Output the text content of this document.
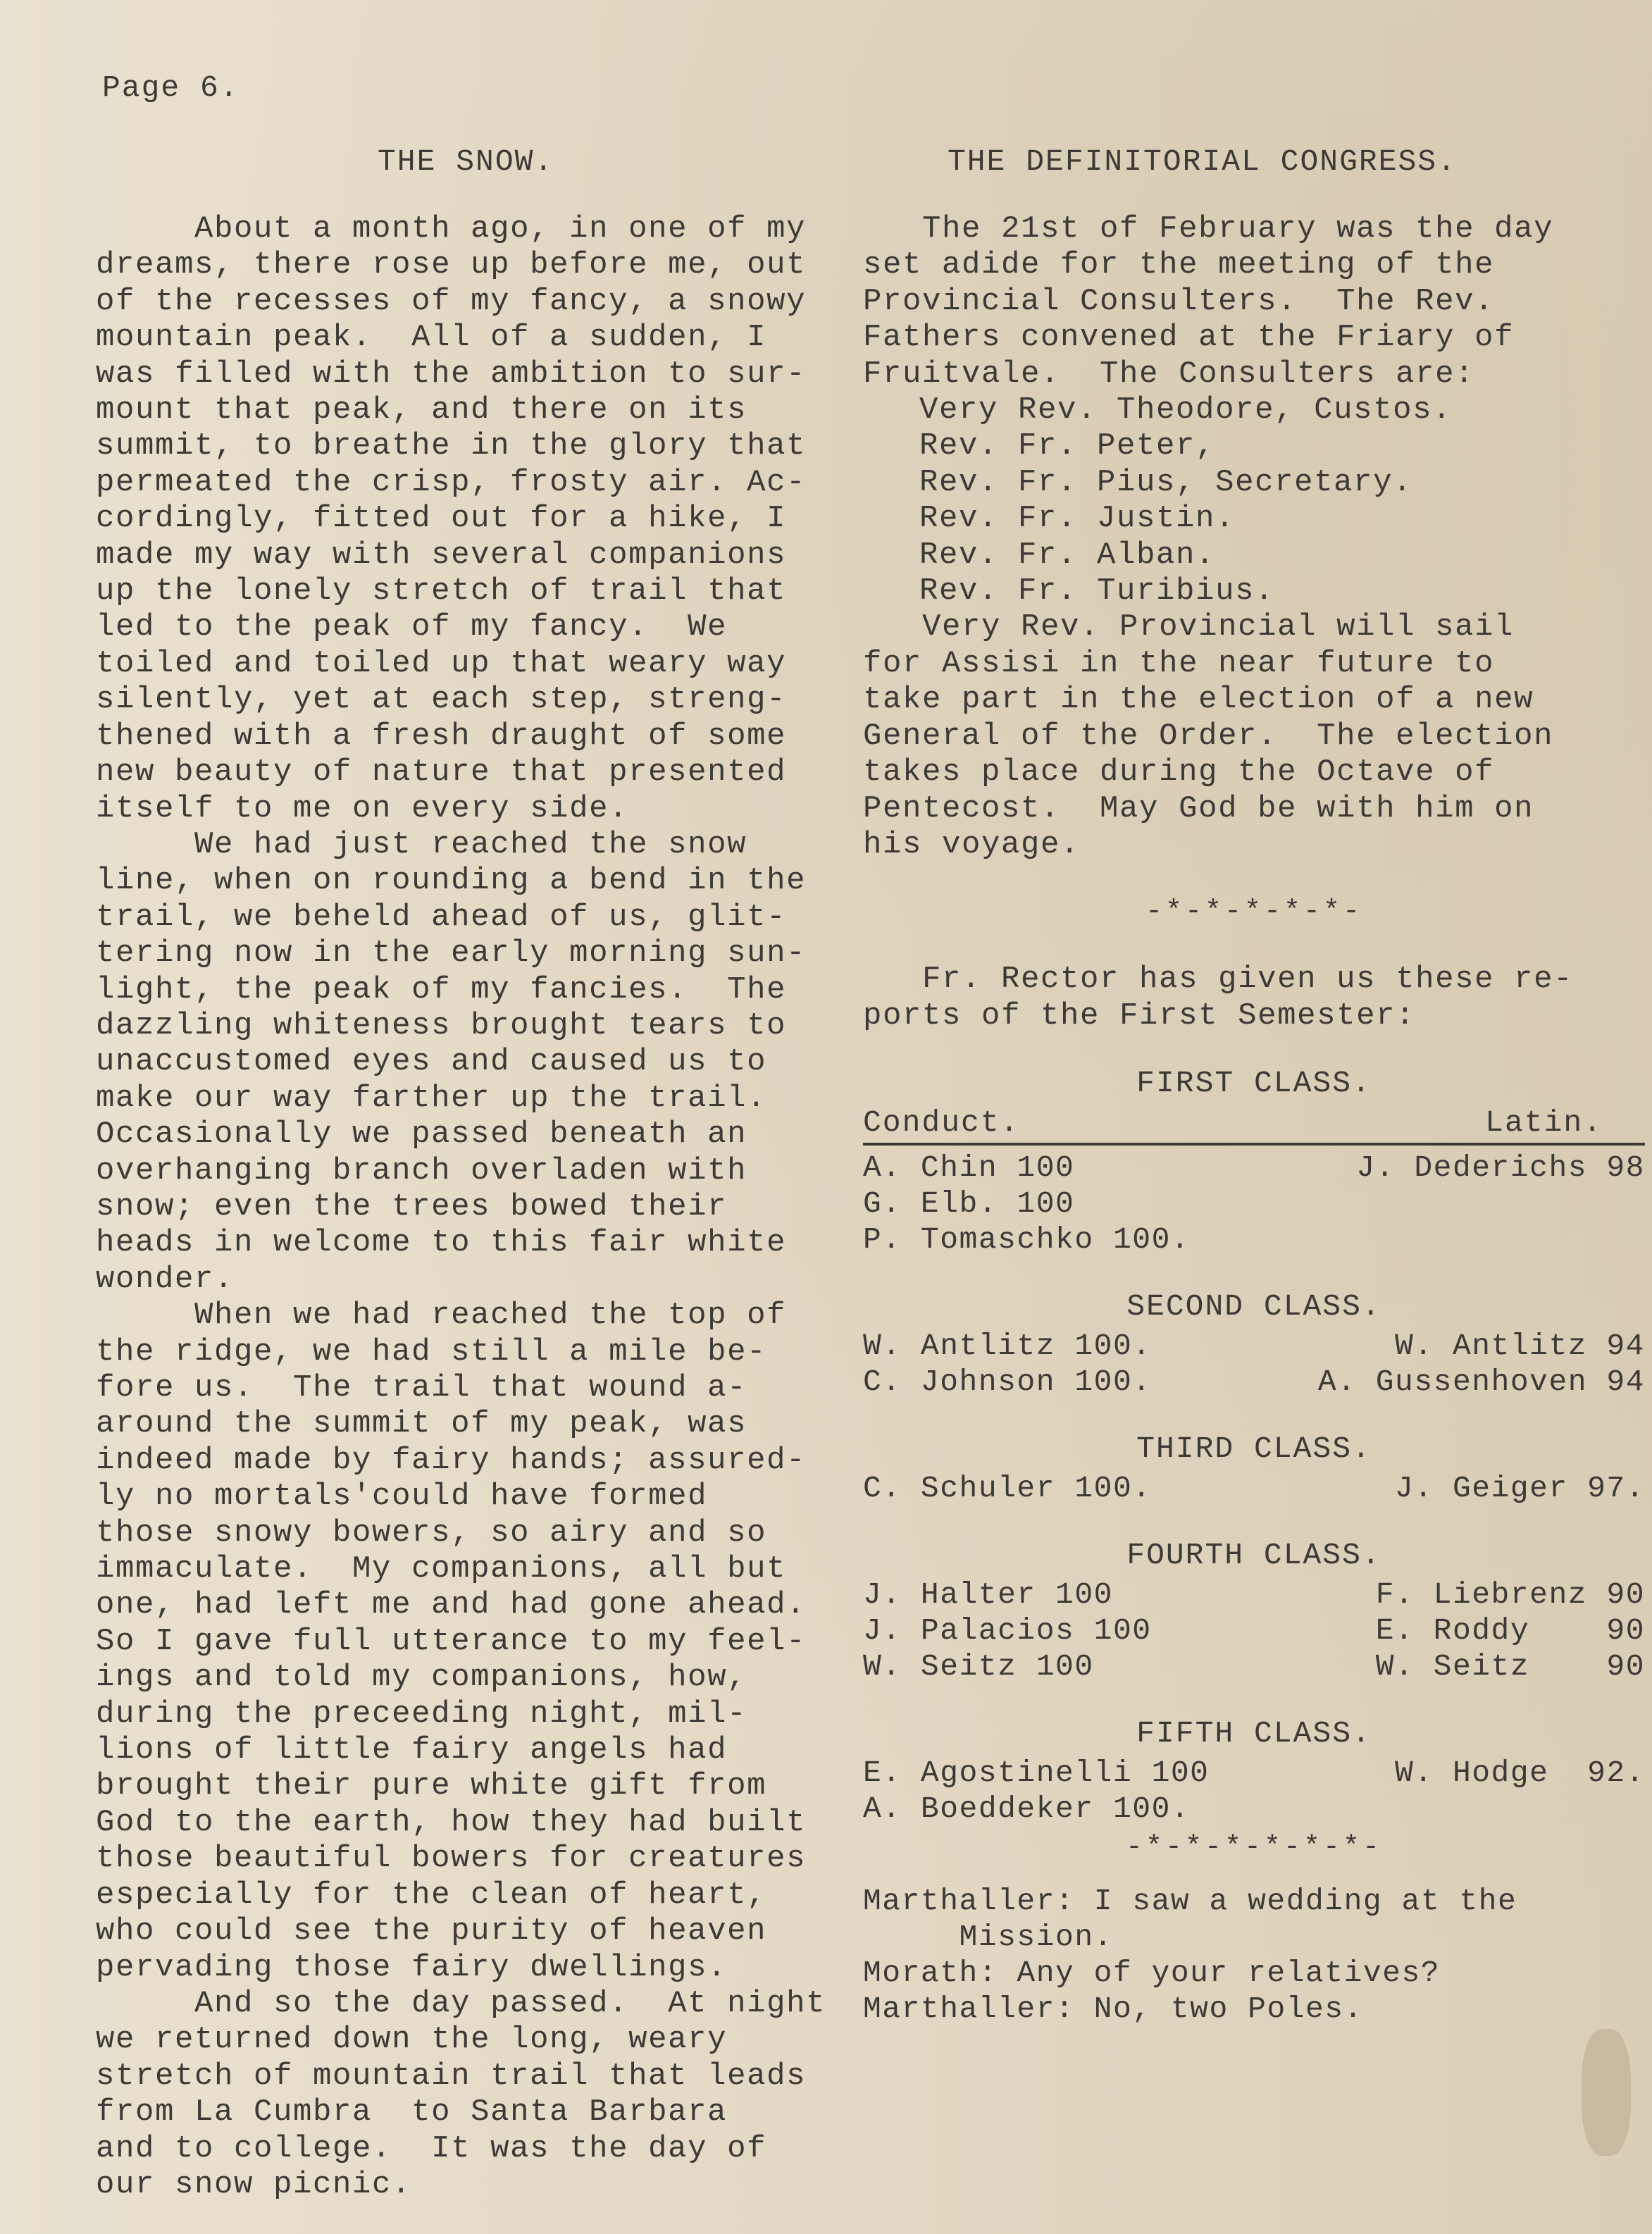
Page 6.
THE SNOW.
About a month ago, in one of my
dreams, there rose up before me, out
of the recesses of my fancy, a snowy
mountain peak.  All of a sudden, I
was filled with the ambition to sur-
mount that peak, and there on its
summit, to breathe in the glory that
permeated the crisp, frosty air. Ac-
cordingly, fitted out for a hike, I
made my way with several companions
up the lonely stretch of trail that
led to the peak of my fancy.  We
toiled and toiled up that weary way
silently, yet at each step, streng-
thened with a fresh draught of some
new beauty of nature that presented
itself to me on every side.
We had just reached the snow
line, when on rounding a bend in the
trail, we beheld ahead of us, glit-
tering now in the early morning sun-
light, the peak of my fancies.  The
dazzling whiteness brought tears to
unaccustomed eyes and caused us to
make our way farther up the trail.
Occasionally we passed beneath an
overhanging branch overladen with
snow; even the trees bowed their
heads in welcome to this fair white
wonder.
When we had reached the top of
the ridge, we had still a mile be-
fore us.  The trail that wound a-
around the summit of my peak, was
indeed made by fairy hands; assured-
ly no mortals'could have formed
those snowy bowers, so airy and so
immaculate.  My companions, all but
one, had left me and had gone ahead.
So I gave full utterance to my feel-
ings and told my companions, how,
during the preceeding night, mil-
lions of little fairy angels had
brought their pure white gift from
God to the earth, how they had built
those beautiful bowers for creatures
especially for the clean of heart,
who could see the purity of heaven
pervading those fairy dwellings.
And so the day passed.  At night
we returned down the long, weary
stretch of mountain trail that leads
from La Cumbra  to Santa Barbara
and to college.  It was the day of
our snow picnic.
THE DEFINITORIAL CONGRESS.
The 21st of February was the day
set adide for the meeting of the
Provincial Consulters.  The Rev.
Fathers convened at the Friary of
Fruitvale.  The Consulters are:
Very Rev. Theodore, Custos.
Rev. Fr. Peter,
Rev. Fr. Pius, Secretary.
Rev. Fr. Justin.
Rev. Fr. Alban.
Rev. Fr. Turibius.
Very Rev. Provincial will sail
for Assisi in the near future to
take part in the election of a new
General of the Order.  The election
takes place during the Octave of
Pentecost.  May God be with him on
his voyage.
-*-*-*-*-*-
Fr. Rector has given us these re-
ports of the First Semester:
FIRST CLASS.
Conduct.	Latin.
A. Chin 100	J. Dederichs 98
G. Elb. 100
P. Tomaschko 100.
SECOND CLASS.
W. Antlitz 100.	W. Antlitz 94
C. Johnson 100.	A. Gussenhoven 94
THIRD CLASS.
C. Schuler 100.	J. Geiger 97.
FOURTH CLASS.
J. Halter 100	F. Liebrenz 90
J. Palacios 100	E. Roddy    90
W. Seitz 100	W. Seitz    90
FIFTH CLASS.
E. Agostinelli 100	W. Hodge  92.
A. Boeddeker 100.
-*-*-*-*-*-*-
Marthaller: I saw a wedding at the
Mission.
Morath: Any of your relatives?
Marthaller: No, two Poles.
